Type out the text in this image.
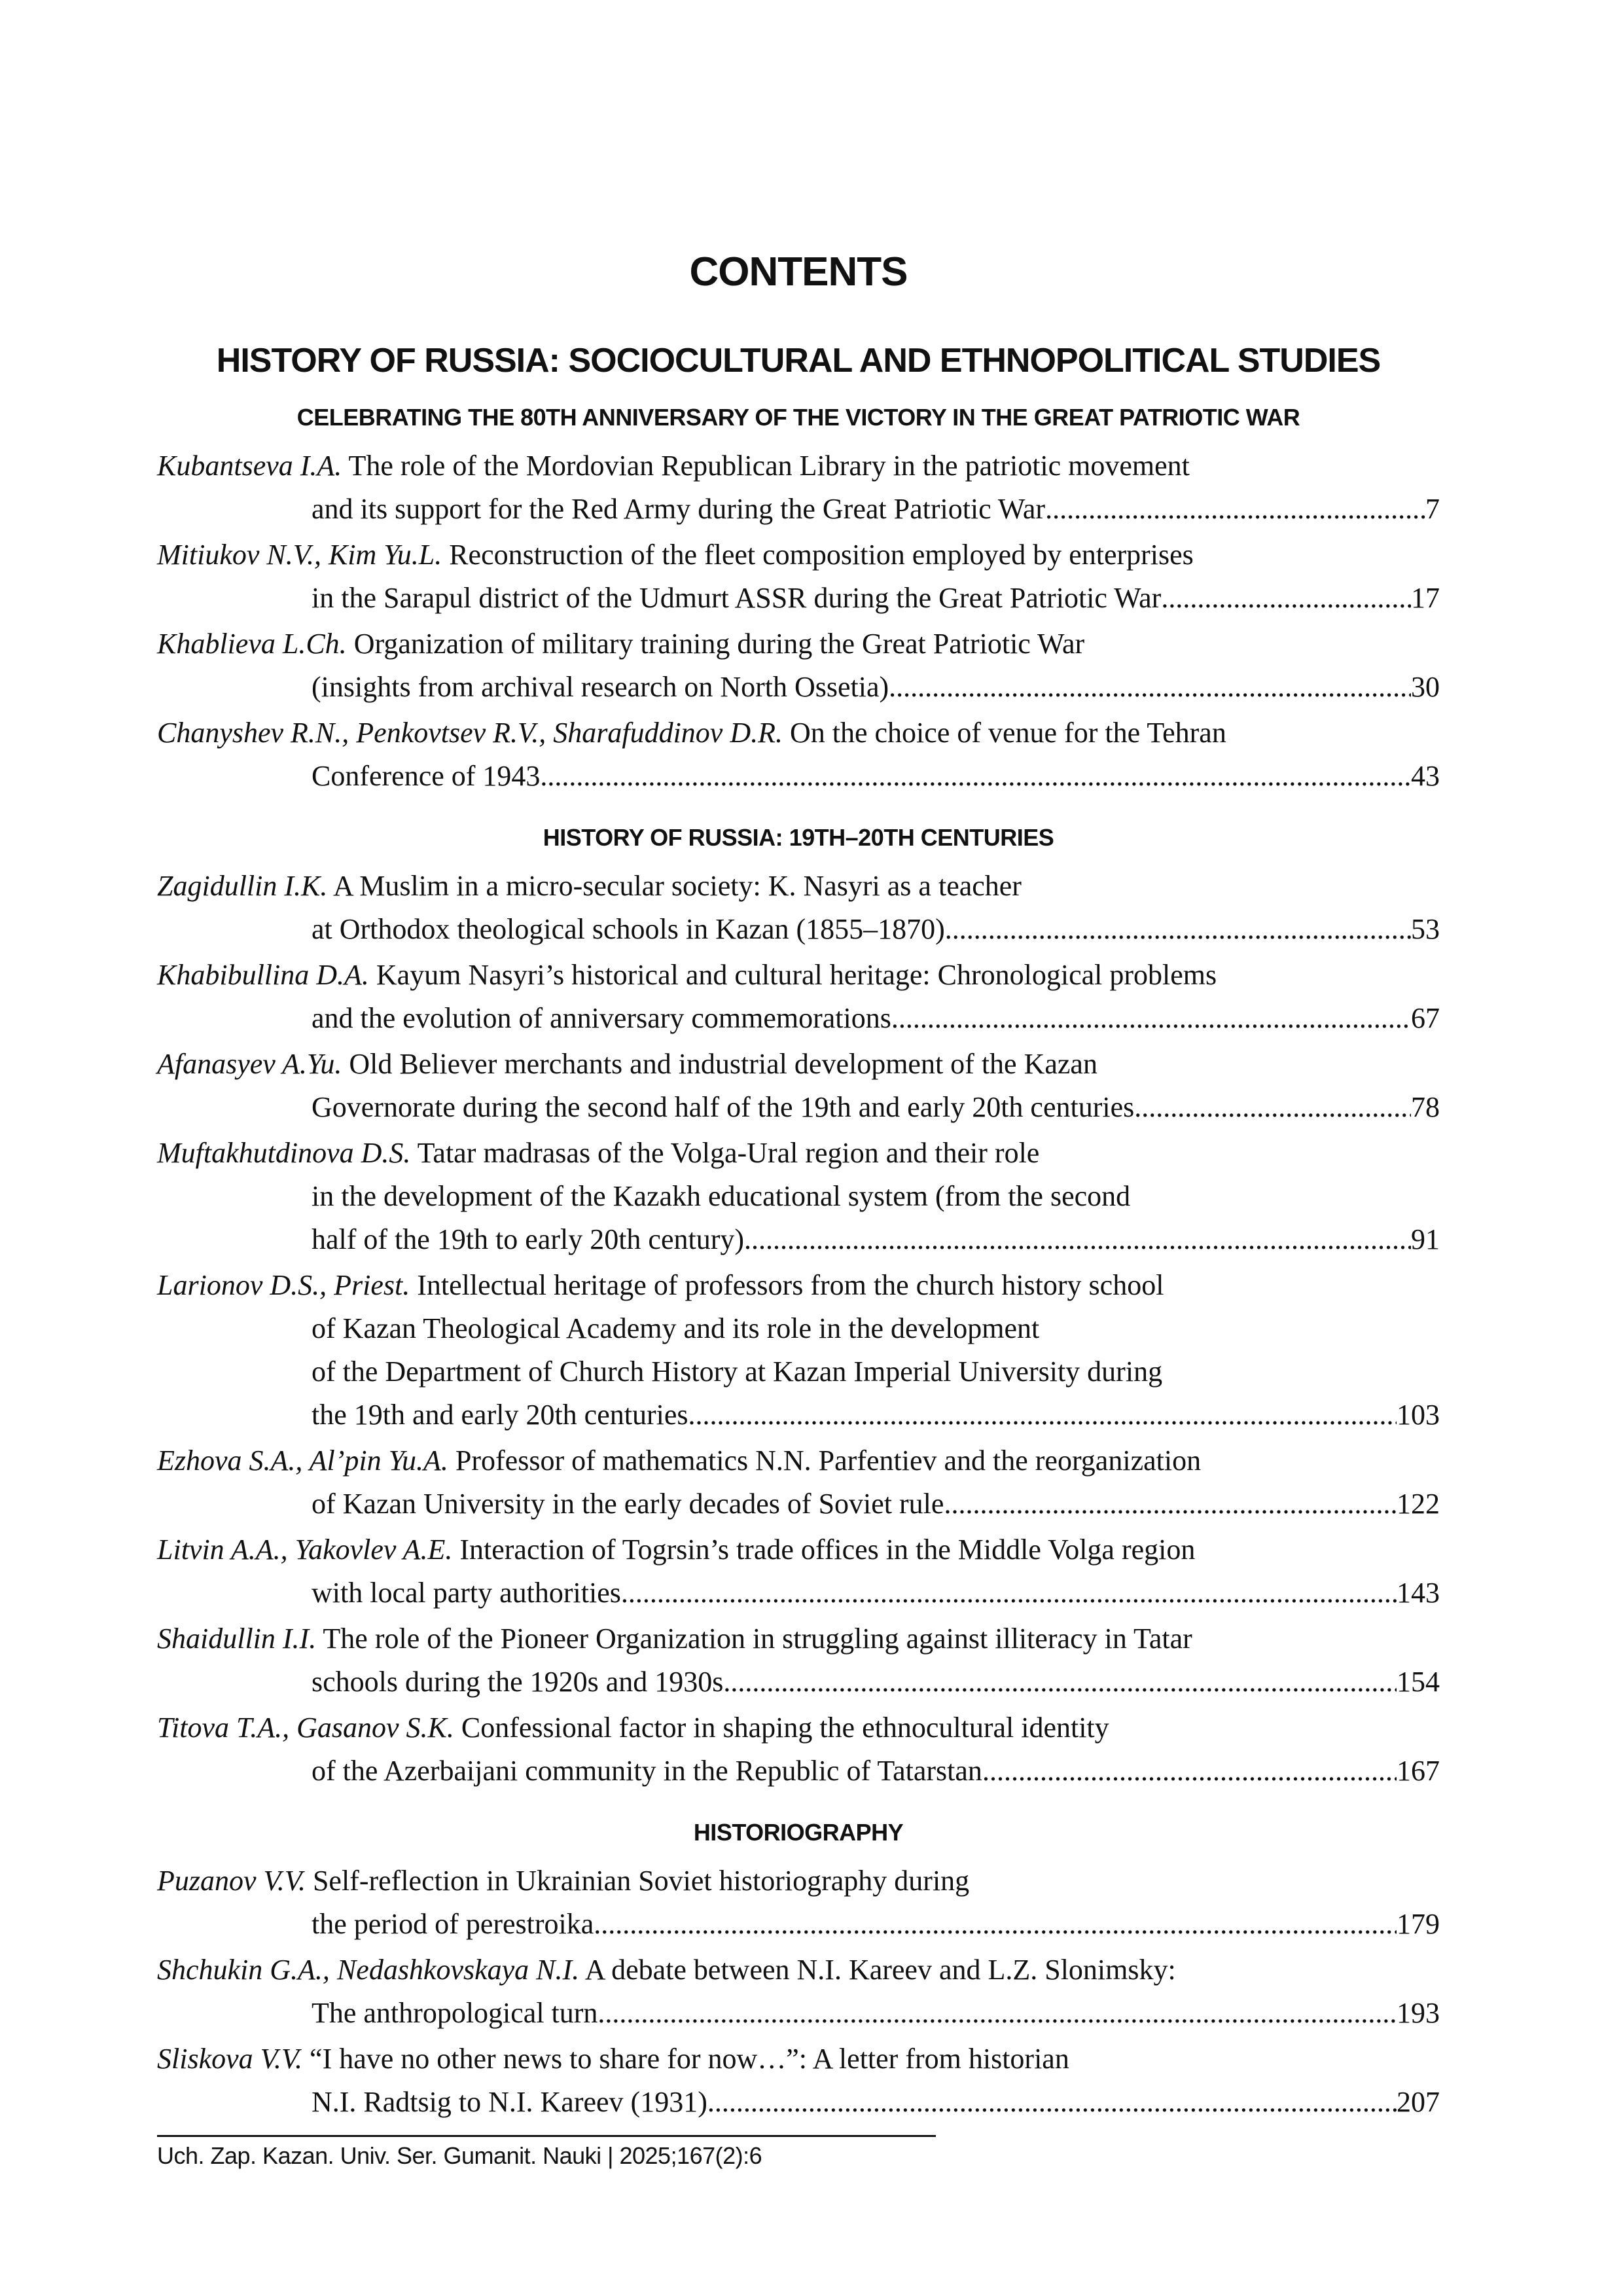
CONTENTS
HISTORY OF RUSSIA: SOCIOCULTURAL AND ETHNOPOLITICAL STUDIES
CELEBRATING THE 80TH ANNIVERSARY OF THE VICTORY IN THE GREAT PATRIOTIC WAR
Kubantseva I.A. The role of the Mordovian Republican Library in the patriotic movement
and its support for the Red Army during the Great Patriotic War .....	7
Mitiukov N.V., Kim Yu.L. Reconstruction of the fleet composition employed by enterprises
in the Sarapul district of the Udmurt ASSR during the Great Patriotic War .....	17
Khablieva L.Ch. Organization of military training during the Great Patriotic War
(insights from archival research on North Ossetia) .....	30
Chanyshev R.N., Penkovtsev R.V., Sharafuddinov D.R. On the choice of venue for the Tehran
Conference of 1943 .....	43
HISTORY OF RUSSIA: 19TH–20TH CENTURIES
Zagidullin I.K. A Muslim in a micro-secular society: K. Nasyri as a teacher
at Orthodox theological schools in Kazan (1855–1870) .....	53
Khabibullina D.A. Kayum Nasyri’s historical and cultural heritage: Chronological problems
and the evolution of anniversary commemorations .....	67
Afanasyev A.Yu. Old Believer merchants and industrial development of the Kazan
Governorate during the second half of the 19th and early 20th centuries .....	78
Muftakhutdinova D.S. Tatar madrasas of the Volga-Ural region and their role
in the development of the Kazakh educational system (from the second
half of the 19th to early 20th century) .....	91
Larionov D.S., Priest. Intellectual heritage of professors from the church history school
of Kazan Theological Academy and its role in the development
of the Department of Church History at Kazan Imperial University during
the 19th and early 20th centuries .....	103
Ezhova S.A., Al’pin Yu.A. Professor of mathematics N.N. Parfentiev and the reorganization
of Kazan University in the early decades of Soviet rule .....	122
Litvin A.A., Yakovlev A.E. Interaction of Togrsin’s trade offices in the Middle Volga region
with local party authorities .....	143
Shaidullin I.I. The role of the Pioneer Organization in struggling against illiteracy in Tatar
schools during the 1920s and 1930s .....	154
Titova T.A., Gasanov S.K. Confessional factor in shaping the ethnocultural identity
of the Azerbaijani community in the Republic of Tatarstan .....	167
HISTORIOGRAPHY
Puzanov V.V. Self-reflection in Ukrainian Soviet historiography during
the period of perestroika .....	179
Shchukin G.A., Nedashkovskaya N.I. A debate between N.I. Kareev and L.Z. Slonimsky:
The anthropological turn .....	193
Sliskova V.V. “I have no other news to share for now…”: A letter from historian
N.I. Radtsig to N.I. Kareev (1931) .....	207
Uch. Zap. Kazan. Univ. Ser. Gumanit. Nauki | 2025;167(2):6
